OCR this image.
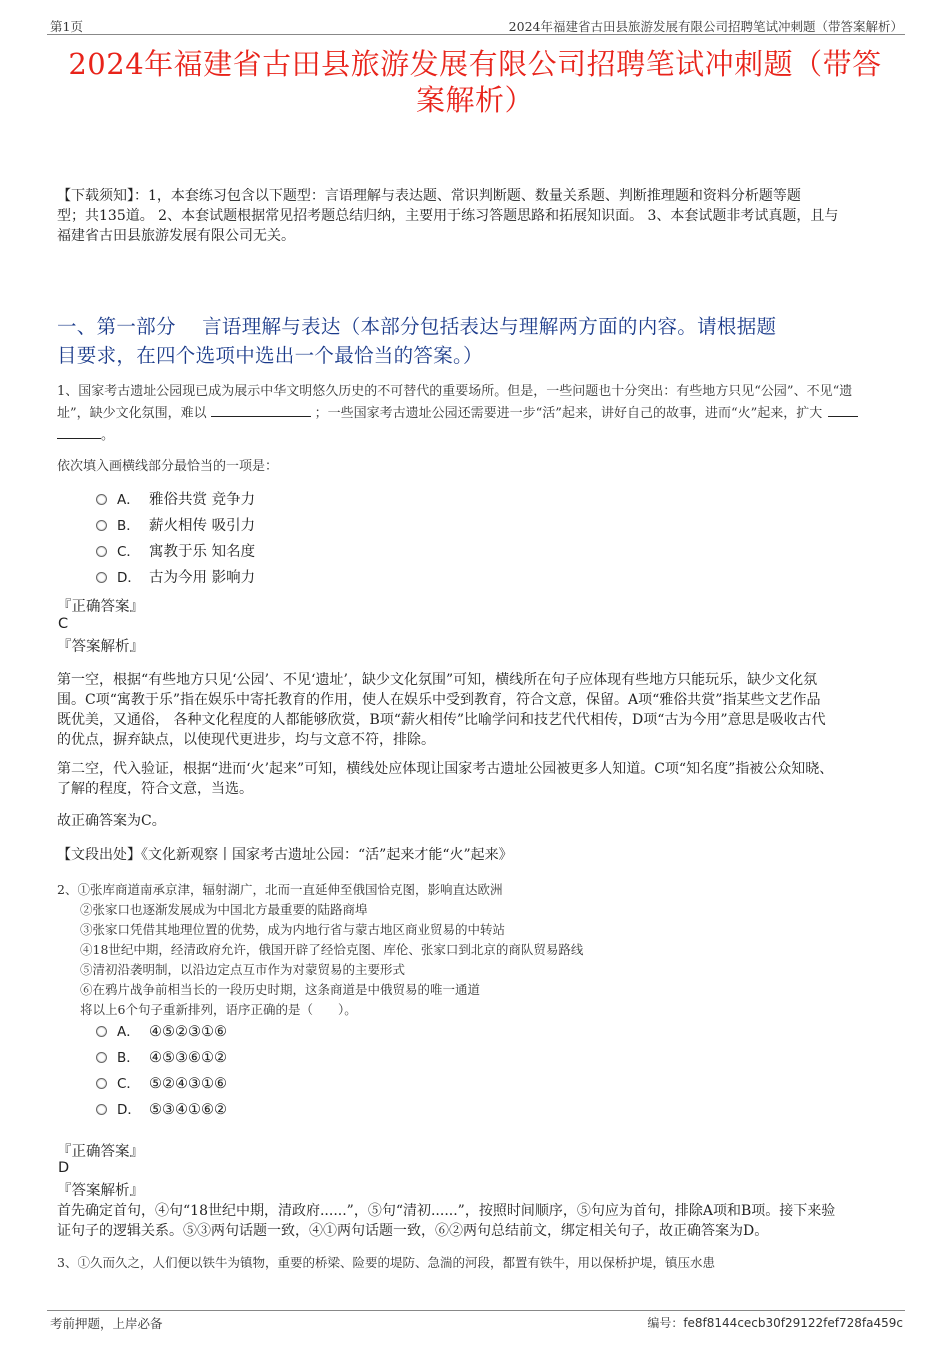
第1页	2024年福建省古田县旅游发展有限公司招聘笔试冲刺题（带答案解析）
2024年福建省古田县旅游发展有限公司招聘笔试冲刺题（带答
案解析）
【下载须知】：1，本套练习包含以下题型：言语理解与表达题、常识判断题、数量关系题、判断推理题和资料分析题等题
型；共135道。 2、本套试题根据常见招考题总结归纳，主要用于练习答题思路和拓展知识面。 3、本套试题非考试真题，且与
福建省古田县旅游发展有限公司无关。
一、第一部分　 言语理解与表达（本部分包括表达与理解两方面的内容。请根据题
目要求，在四个选项中选出一个最恰当的答案。）
1、国家考古遗址公园现已成为展示中华文明悠久历史的不可替代的重要场所。但是，一些问题也十分突出：有些地方只见“公园”、不见“遗
址”，缺少文化氛围，难以	；一些国家考古遗址公园还需要进一步“活”起来，讲好自己的故事，进而“火”起来，扩大
。
依次填入画横线部分最恰当的一项是：
A． 雅俗共赏 竞争力
B． 薪火相传 吸引力
C． 寓教于乐 知名度
D． 古为今用 影响力
『正确答案』
C
『答案解析』
第一空，根据“有些地方只见‘公园’、不见‘遗址’，缺少文化氛围”可知，横线所在句子应体现有些地方只能玩乐，缺少文化氛
围。C项“寓教于乐”指在娱乐中寄托教育的作用，使人在娱乐中受到教育，符合文意，保留。A项“雅俗共赏”指某些文艺作品
既优美，又通俗， 各种文化程度的人都能够欣赏，B项“薪火相传”比喻学问和技艺代代相传，D项“古为今用”意思是吸收古代
的优点，摒弃缺点，以使现代更进步，均与文意不符，排除。
第二空，代入验证，根据“进而‘火’起来”可知，横线处应体现让国家考古遗址公园被更多人知道。C项“知名度”指被公众知晓、
了解的程度，符合文意，当选。
故正确答案为C。
【文段出处】《文化新观察丨国家考古遗址公园：“活”起来才能“火”起来》
2、①张库商道南承京津，辐射湖广，北而一直延伸至俄国恰克图，影响直达欧洲
②张家口也逐渐发展成为中国北方最重要的陆路商埠
③张家口凭借其地理位置的优势，成为内地行省与蒙古地区商业贸易的中转站
④18世纪中期，经清政府允许，俄国开辟了经恰克图、库伦、张家口到北京的商队贸易路线
⑤清初沿袭明制，以沿边定点互市作为对蒙贸易的主要形式
⑥在鸦片战争前相当长的一段历史时期，这条商道是中俄贸易的唯一通道
将以上6个句子重新排列，语序正确的是（　　）。
A． ④⑤②③①⑥
B． ④⑤③⑥①②
C． ⑤②④③①⑥
D． ⑤③④①⑥②
『正确答案』
D
『答案解析』
首先确定首句，④句“18世纪中期，清政府......”，⑤句“清初......”，按照时间顺序，⑤句应为首句，排除A项和B项。接下来验
证句子的逻辑关系。⑤③两句话题一致，④①两句话题一致，⑥②两句总结前文，绑定相关句子，故正确答案为D。
3、①久而久之，人们便以铁牛为镇物，重要的桥梁、险要的堤防、急湍的河段，都置有铁牛，用以保桥护堤，镇压水患
考前押题，上岸必备	编号：fe8f8144cecb30f29122fef728fa459c
